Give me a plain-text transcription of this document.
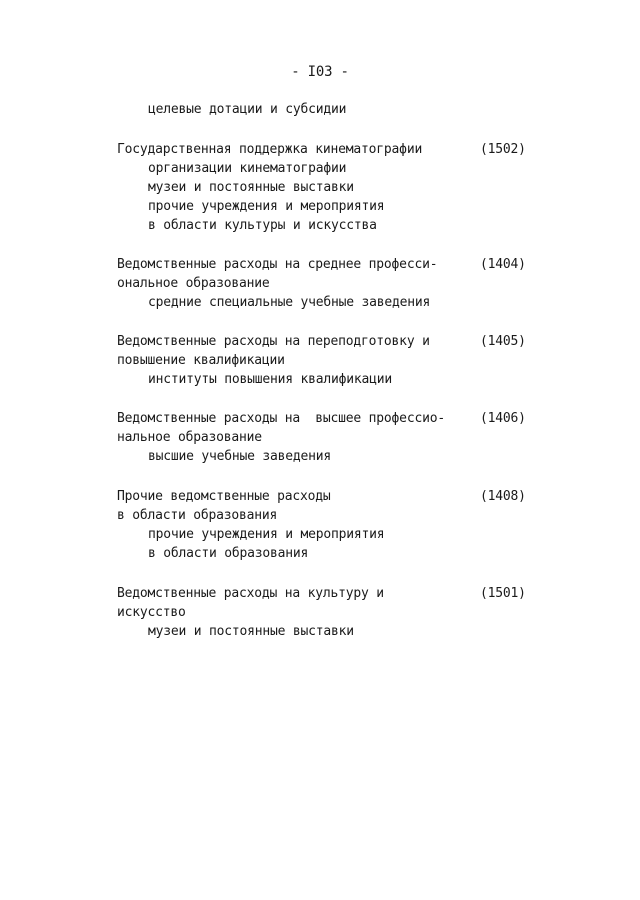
- I03 -
целевые дотации и субсидии
Государственная поддержка кинематографии
организации кинематографии
музеи и постоянные выставки
прочие учреждения и мероприятия
в области культуры и искусства
(1502)
Ведомственные расходы на среднее професси-
ональное образование
средние специальные учебные заведения
(1404)
Ведомственные расходы на переподготовку и
повышение квалификации
институты повышения квалификации
(1405)
Ведомственные расходы на  высшее профессио-
нальное образование
высшие учебные заведения
(1406)
Прочие ведомственные расходы
в области образования
прочие учреждения и мероприятия
в области образования
(1408)
Ведомственные расходы на культуру и
искусство
музеи и постоянные выставки
(1501)
